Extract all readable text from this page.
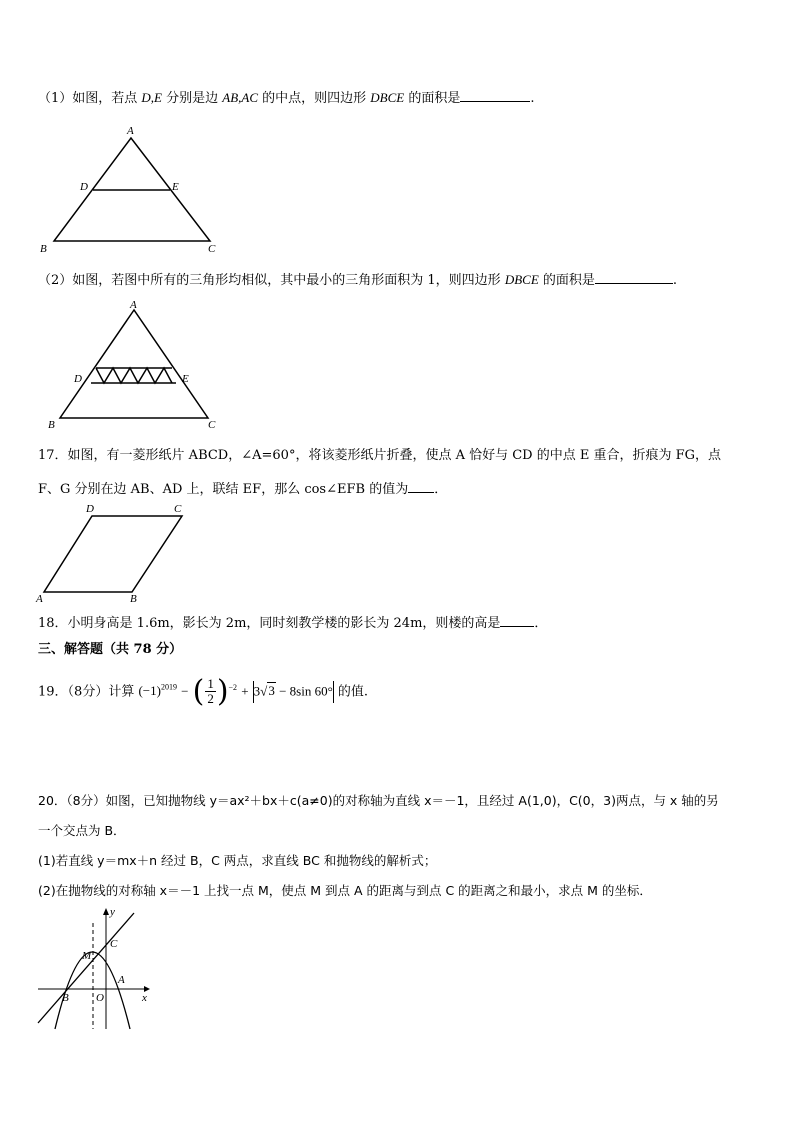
（1）如图，若点 D,E 分别是边 AB,AC 的中点，则四边形 DBCE 的面积是	.
A
D	E
B	C
（2）如图，若图中所有的三角形均相似，其中最小的三角形面积为 1，则四边形 DBCE 的面积是	.
A
D	E
B	C
17．如图，有一菱形纸片 ABCD，∠A=60°，将该菱形纸片折叠，使点 A 恰好与 CD 的中点 E 重合，折痕为 FG，点
F、G 分别在边 AB、AD 上，联结 EF，那么 cos∠EFB 的值为 ．
D	C
A	B
18．小明身高是 1.6m，影长为 2m，同时刻教学楼的影长为 24m，则楼的高是	．
三、解答题（共 78 分）
19．（8分）计算 $(-1)^{2019}$ − ( $\frac{1}{2} )^{-2} + 3√3 - 8\sin$ 60° 的值.
20．（8分）如图，已知抛物线 y＝ax²＋bx＋c(a≠0)的对称轴为直线 x＝－1，且经过 A(1,0)，C(0，3)两点，与 x 轴的另
一个交点为 B．
(1)若直线 y＝mx＋n 经过 B，C 两点，求直线 BC 和抛物线的解析式；
(2)在抛物线的对称轴 x＝－1 上找一点 M，使点 M 到点 A 的距离与到点 C 的距离之和最小，求点 M 的坐标．
y
x
O
A
B
C
M
